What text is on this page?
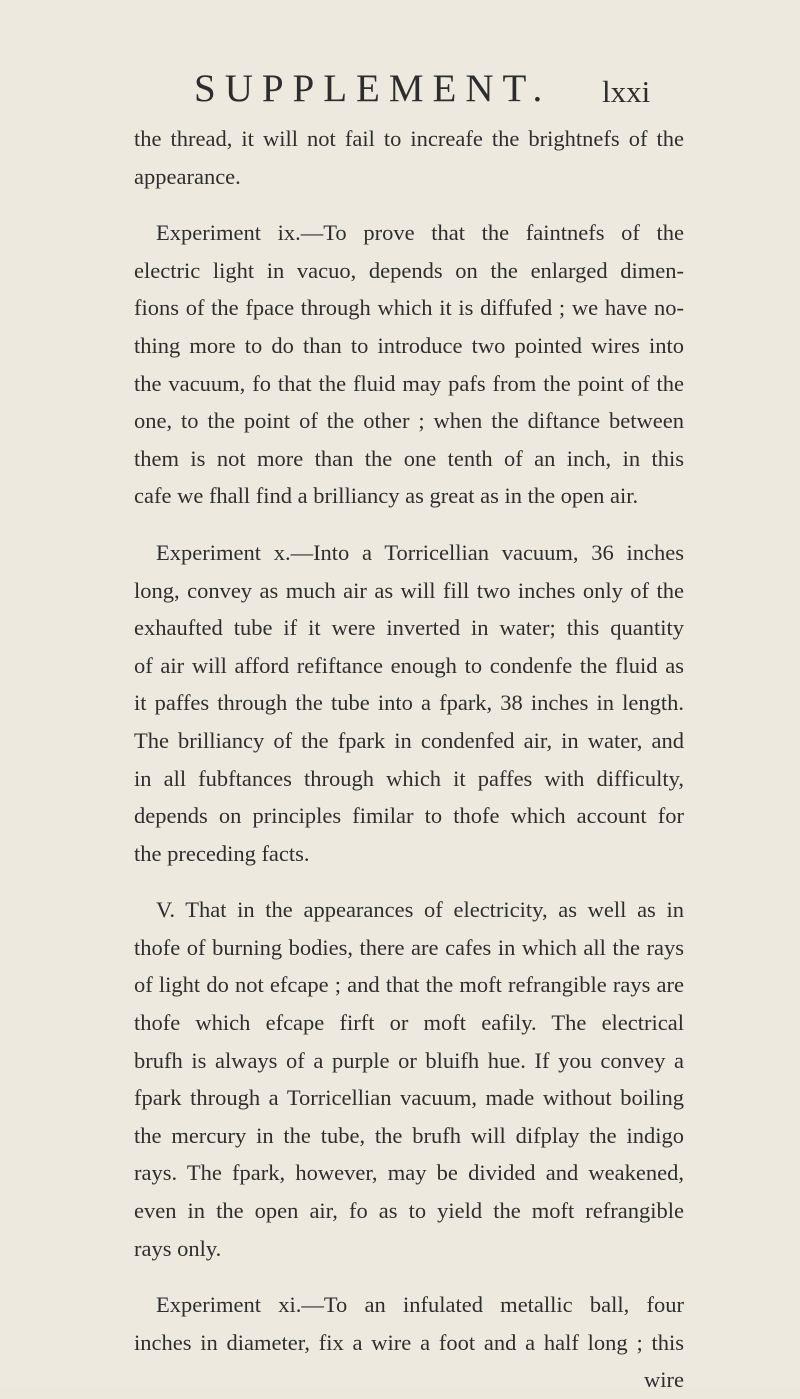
SUPPLEMENT. lxxi

the thread, it will not fail to increafe the brightnefs of the
appearance.

Experiment ix.—To prove that the faintnefs of the
electric light in vacuo, depends on the enlarged dimen-
fions of the fpace through which it is diffufed ; we have no-
thing more to do than to introduce two pointed wires into
the vacuum, fo that the fluid may pafs from the point of the
one, to the point of the other ; when the diftance between
them is not more than the one tenth of an inch, in this
cafe we fhall find a brilliancy as great as in the open air.

Experiment x.—Into a Torricellian vacuum, 36 inches
long, convey as much air as will fill two inches only of the
exhaufted tube if it were inverted in water; this quantity
of air will afford refiftance enough to condenfe the fluid as
it paffes through the tube into a fpark, 38 inches in length.
The brilliancy of the fpark in condenfed air, in water, and
in all fubftances through which it paffes with difficulty,
depends on principles fimilar to thofe which account for
the preceding facts.

V. That in the appearances of electricity, as well as in
thofe of burning bodies, there are cafes in which all the rays
of light do not efcape ; and that the moft refrangible rays are
thofe which efcape firft or moft eafily. The electrical
brufh is always of a purple or bluifh hue. If you convey a
fpark through a Torricellian vacuum, made without boiling
the mercury in the tube, the brufh will difplay the indigo
rays. The fpark, however, may be divided and weakened,
even in the open air, fo as to yield the moft refrangible
rays only.

Experiment xi.—To an infulated metallic ball, four
inches in diameter, fix a wire a foot and a half long ; this
wire
